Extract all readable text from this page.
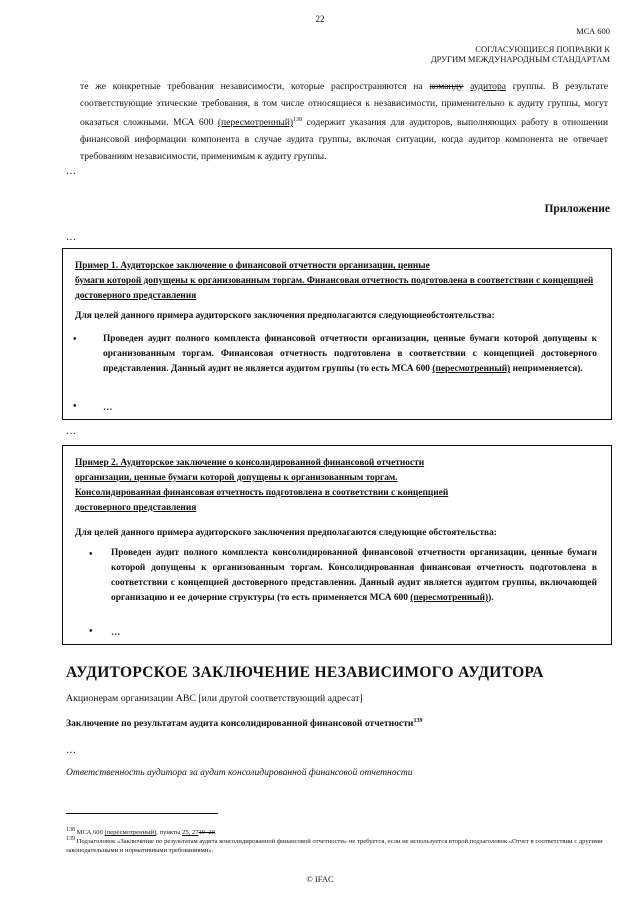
22
МСА 600
СОГЛАСУЮЩИЕСЯ ПОПРАВКИ К
ДРУГИМ МЕЖДУНАРОДНЫМ СТАНДАРТАМ
те же конкретные требования независимости, которые распространяются на команду аудитора группы. В результате соответствующие этические требования, в том числе относящиеся к независимости, применительно к аудиту группы, могут оказаться сложными. МСА 600 (пересмотренный)$^{138}$ содержит указания для аудиторов, выполняющих работу в отношении финансовой информации компонента в случае аудита группы, включая ситуации, когда аудитор компонента не отвечает требованиям независимости, применимым к аудиту группы.
…
Приложение
…
Пример 1. Аудиторское заключение о финансовой отчетности организации, ценные
бумаги которой допущены к организованным торгам. Финансовая отчетность подготовлена в соответствии с концепцией достоверного представления
Для целей данного примера аудиторского заключения предполагаются следующиеобстоятельства:
•	Проведен аудит полного комплекта финансовой отчетности организации, ценные бумаги которой допущены к организованным торгам. Финансовая отчетность подготовлена в соответствии с концепцией достоверного представления. Данный аудит не является аудитом группы (то есть МСА 600 (пересмотренный) неприменяется).
•	…
…
Пример 2. Аудиторское заключение о консолидированной финансовой отчетности
организации, ценные бумаги которой допущены к организованным торгам.
Консолидированная финансовая отчетность подготовлена в соответствии с концепцией
достоверного представления
Для целей данного примера аудиторского заключения предполагаются следующие обстоятельства:
• Проведен аудит полного комплекта консолидированной финансовой отчетности организации, ценные бумаги которой допущены к организованным торгам. Консолидированная финансовая отчетность подготовлена в соответствии с концепцией достоверного представления. Данный аудит является аудитом группы, включающей организацию и ее дочерние структуры (то есть применяется МСА 600 (пересмотренный)).
• …
АУДИТОРСКОЕ ЗАКЛЮЧЕНИЕ НЕЗАВИСИМОГО АУДИТОРА
Акционерам организации ABC [или другой соответствующий адресат]
Заключение по результатам аудита консолидированной финансовой отчетности$^{139}$
…
Ответственность аудитора за аудит консолидированной финансовой отчетности
$^{138}$ МСА 600 (пересмотренный), пункты 25, 2719–20.
$^{139}$ Подзаголовок «Заключение по результатам аудита консолидированной финансовой отчетности» не требуется, если не используется второй подзаголовок «Отчет в соответствии с другими законодательными и нормативными требованиями».
© IFAC
